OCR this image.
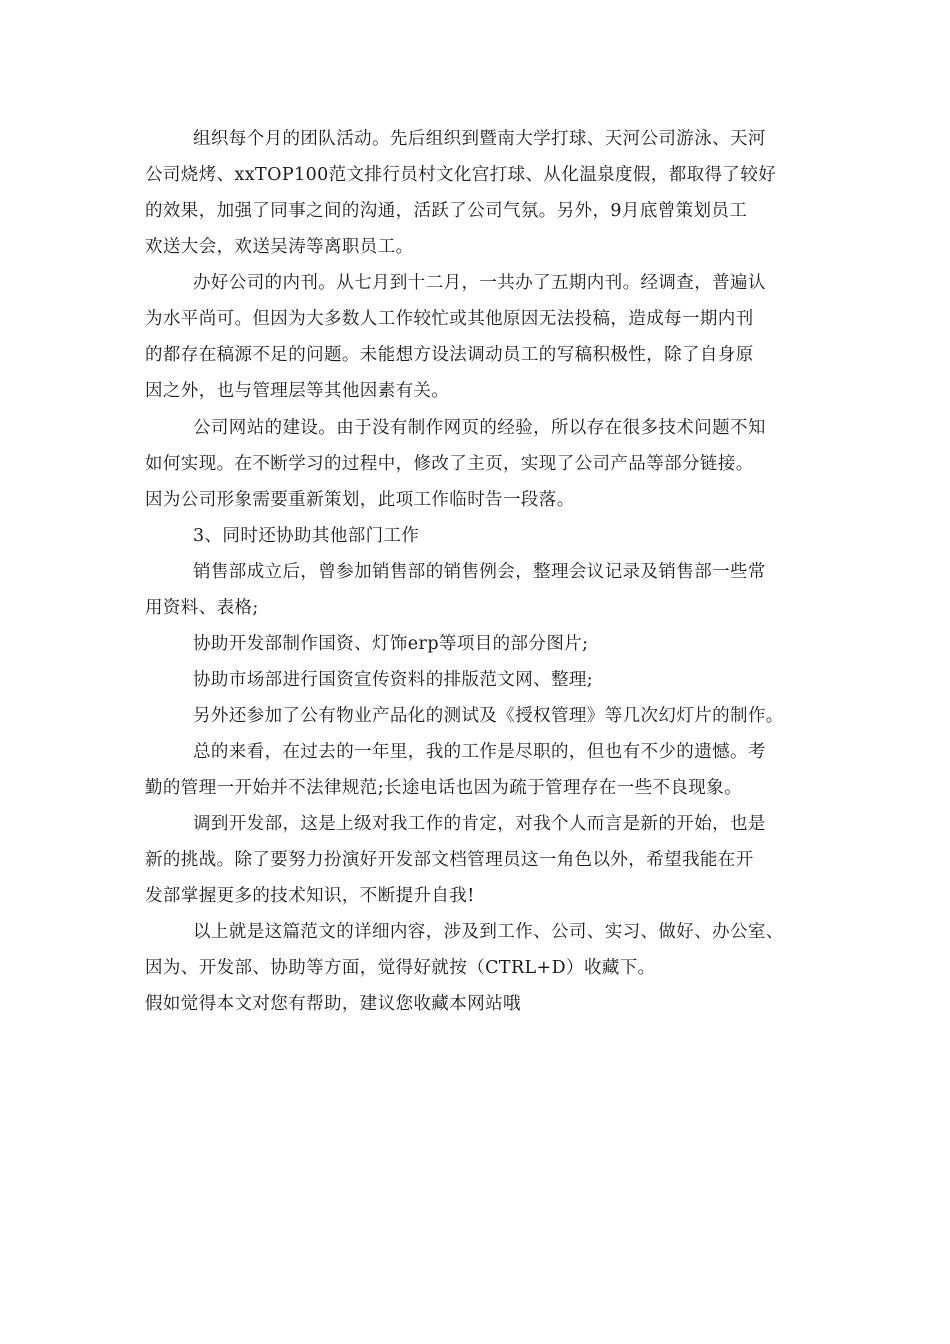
组织每个月的团队活动。先后组织到暨南大学打球、天河公司游泳、天河
公司烧烤、xxTOP100范文排行员村文化宫打球、从化温泉度假，都取得了较好
的效果，加强了同事之间的沟通，活跃了公司气氛。另外，9月底曾策划员工
欢送大会，欢送吴涛等离职员工。
办好公司的内刊。从七月到十二月，一共办了五期内刊。经调查，普遍认
为水平尚可。但因为大多数人工作较忙或其他原因无法投稿，造成每一期内刊
的都存在稿源不足的问题。未能想方设法调动员工的写稿积极性，除了自身原
因之外，也与管理层等其他因素有关。
公司网站的建设。由于没有制作网页的经验，所以存在很多技术问题不知
如何实现。在不断学习的过程中，修改了主页，实现了公司产品等部分链接。
因为公司形象需要重新策划，此项工作临时告一段落。
3、同时还协助其他部门工作
销售部成立后，曾参加销售部的销售例会，整理会议记录及销售部一些常
用资料、表格;
协助开发部制作国资、灯饰erp等项目的部分图片;
协助市场部进行国资宣传资料的排版范文网、整理;
另外还参加了公有物业产品化的测试及《授权管理》等几次幻灯片的制作。
总的来看，在过去的一年里，我的工作是尽职的，但也有不少的遗憾。考
勤的管理一开始并不法律规范;长途电话也因为疏于管理存在一些不良现象。
调到开发部，这是上级对我工作的肯定，对我个人而言是新的开始，也是
新的挑战。除了要努力扮演好开发部文档管理员这一角色以外，希望我能在开
发部掌握更多的技术知识，不断提升自我!
以上就是这篇范文的详细内容，涉及到工作、公司、实习、做好、办公室、
因为、开发部、协助等方面，觉得好就按（CTRL+D）收藏下。
假如觉得本文对您有帮助，建议您收藏本网站哦
